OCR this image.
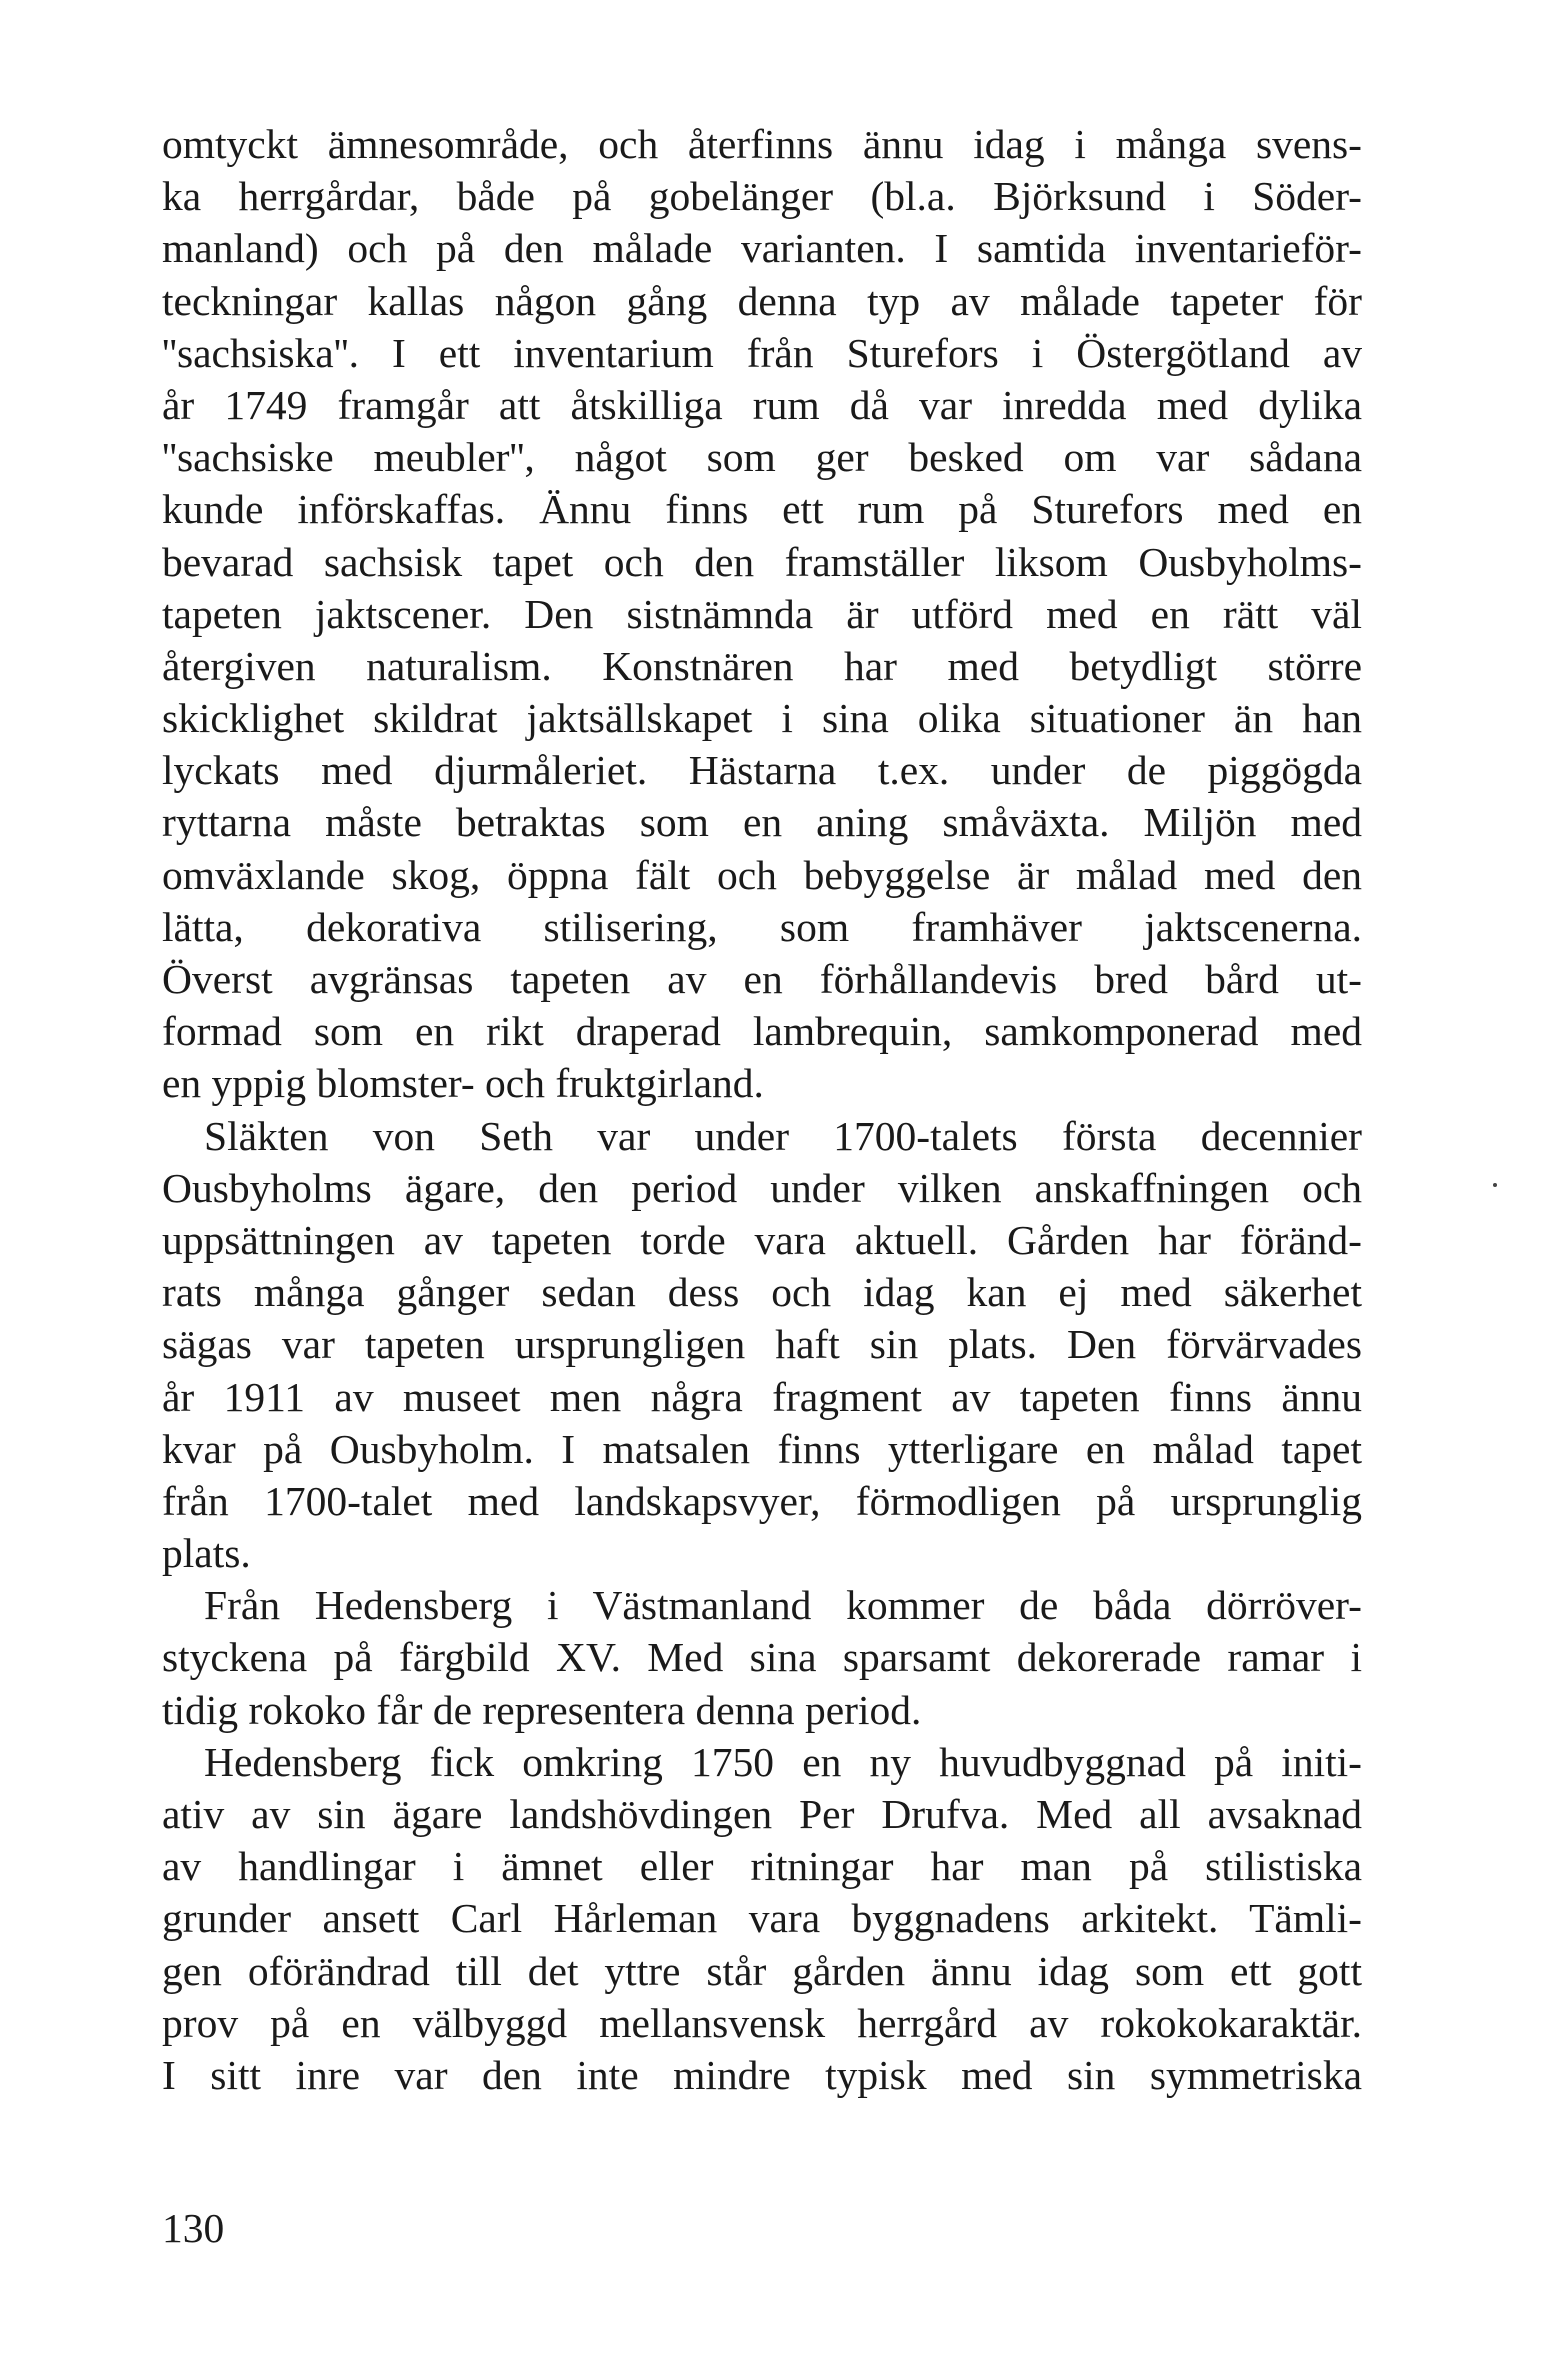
omtyckt ämnesområde, och återfinns ännu idag i många svens-
ka herrgårdar, både på gobelänger (bl.a. Björksund i Söder-
manland) och på den målade varianten. I samtida inventarieför-
teckningar kallas någon gång denna typ av målade tapeter för
''sachsiska''. I ett inventarium från Sturefors i Östergötland av
år 1749 framgår att åtskilliga rum då var inredda med dylika
''sachsiske meubler'', något som ger besked om var sådana
kunde införskaffas. Ännu finns ett rum på Sturefors med en
bevarad sachsisk tapet och den framställer liksom Ousbyholms-
tapeten jaktscener. Den sistnämnda är utförd med en rätt väl
återgiven naturalism. Konstnären har med betydligt större
skicklighet skildrat jaktsällskapet i sina olika situationer än han
lyckats med djurmåleriet. Hästarna t.ex. under de piggögda
ryttarna måste betraktas som en aning småväxta. Miljön med
omväxlande skog, öppna fält och bebyggelse är målad med den
lätta, dekorativa stilisering, som framhäver jaktscenerna.
Överst avgränsas tapeten av en förhållandevis bred bård ut-
formad som en rikt draperad lambrequin, samkomponerad med
en yppig blomster- och fruktgirland.
Släkten von Seth var under 1700-talets första decennier
Ousbyholms ägare, den period under vilken anskaffningen och
uppsättningen av tapeten torde vara aktuell. Gården har föränd-
rats många gånger sedan dess och idag kan ej med säkerhet
sägas var tapeten ursprungligen haft sin plats. Den förvärvades
år 1911 av museet men några fragment av tapeten finns ännu
kvar på Ousbyholm. I matsalen finns ytterligare en målad tapet
från 1700-talet med landskapsvyer, förmodligen på ursprunglig
plats.
Från Hedensberg i Västmanland kommer de båda dörröver-
styckena på färgbild XV. Med sina sparsamt dekorerade ramar i
tidig rokoko får de representera denna period.
Hedensberg fick omkring 1750 en ny huvudbyggnad på initi-
ativ av sin ägare landshövdingen Per Drufva. Med all avsaknad
av handlingar i ämnet eller ritningar har man på stilistiska
grunder ansett Carl Hårleman vara byggnadens arkitekt. Tämli-
gen oförändrad till det yttre står gården ännu idag som ett gott
prov på en välbyggd mellansvensk herrgård av rokokokaraktär.
I sitt inre var den inte mindre typisk med sin symmetriska
130
